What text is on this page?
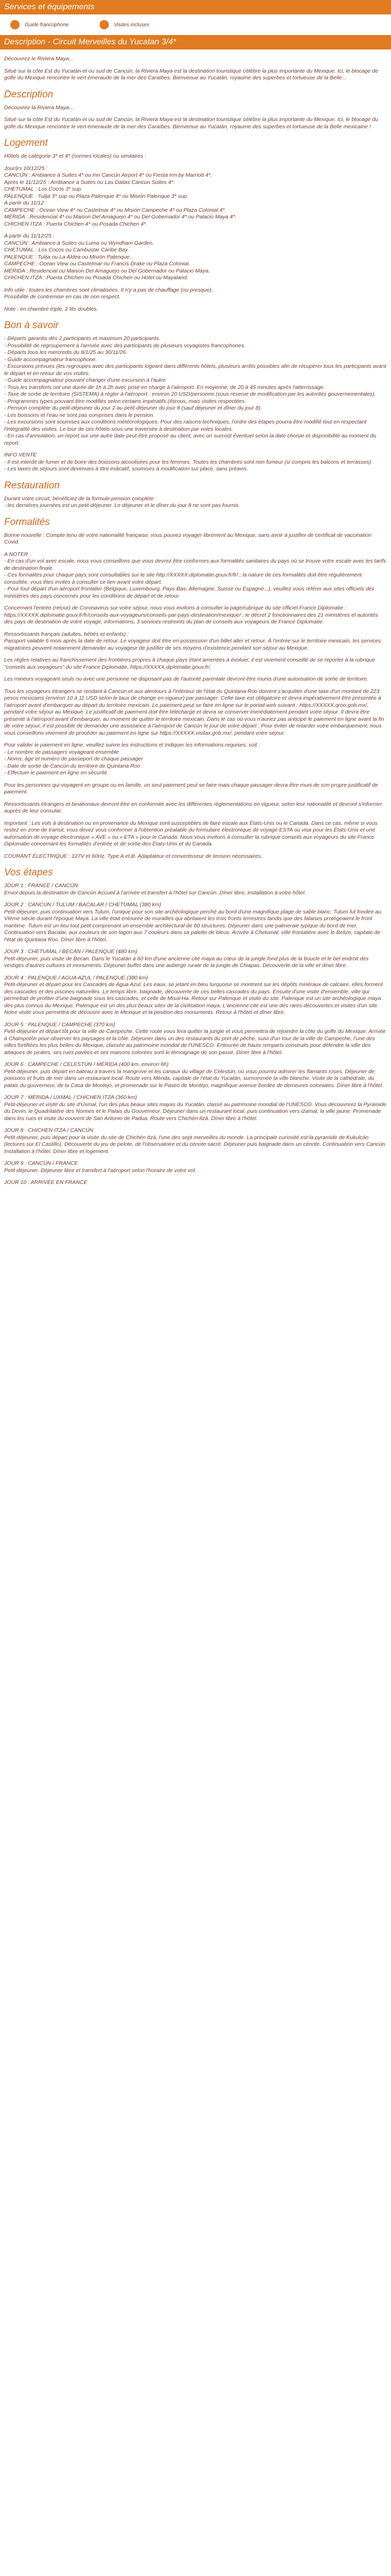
Services et équipements
Guide francophone	Visites incluses
Description - Circuit Merveilles du Yucatan 3/4*

Découvrez le Riviera Maya...

Situé sur la côte Est du Yucatán et ou sud de Cancún, la Riviera Maya est la destination touristique célèbre la plus importante du Mexique. Ici, le blocage de golfe du Mexique rencontre le vert émeraude de la mer des Caraïbes. Bienvenue au Yucatán, royaume des superbes et tortueuse de la Belle...

Description

Découvrez la Riviera Maya...

Situé sur la côte Est du Yucatán et ou sud de Cancún, la Riviera Maya est la destination touristique célèbre la plus importante du Mexique. Ici, le blocage du golfe du Mexique rencontre le vert émeraude de la mer des Caraïbes. Bienvenue au Yucatán, royaume des superbes et tortueuse de la Belle mexicaine !

Logement

Hôtels de catégorie 3* et 4* (normes locales) ou similaires :

Jour/jrs 10/12/25 :
CANCÚN : Ambiance à Suites 4* ou Inn Cancún Airport 4* ou Fiesta Inn by Marriott 4*.
Après le 11/12/25 : Ambiance à Suites ou Las Dalias Cancún Suites 4*.
CHETUMAL : Los Cocos 3* sup.
PALENQUE : Tulija 3* sup ou Plaza Palenque 4* ou Misión Palenque 3* sup.
À partir du 11/12 :
CAMPECHE : Ocean View 4* ou Castelmar 4* ou Misión Campeche 4* ou Plaza Colonial 4*.
MÉRIDA : Residencial 4* ou Maison Del Amaguejo 4* ou Del Gobernador 4* ou Palacio Maya 4*.
CHICHEN ITZA : Puerta Chichen 4* ou Posada Chichen 4*.

À partir du 11/12/25 :
CANCÚN : Ambiance à Suites ou Luma ou Wyndham Garden.
CHETUMAL : Los Cocos ou Cambustar Caribe Bay.
PALENQUE : Tulija ou La Aldea ou Misión Palenque.
CAMPECHE : Ocean View ou Castelmar ou Francis Drake ou Plaza Colonial.
MÉRIDA : Residencial ou Maison Del Amaguejo ou Del Gobernador ou Palacio Maya.
CHICHEN ITZA : Puerta Chichen ou Posada Chichen ou Hotel ou Mayaland.

Info utile : toutes les chambres sont climatisées. Il n'y a pas de chauffage (ou presque).
Possibilité de contremise en cas de non respect.

Note : en chambre triple, 2 lits doubles.

Bon à savoir

- Départs garantis dès 2 participants et maximum 20 participants.
- Possibilité de regroupement à l'arrivée avec des participants de plusieurs voyagistes francophones.
- Départs tous les mercredis du 8/1/25 au 30/11/26.
- Guide accompagnateur francophone.
- Excursions prévues (les regroupes avec des participants logeant dans différents hôtels, plusieurs arrêts possibles afin de récupérer tous les participants avant le départ et en retour de vos visites.
- Guide accompagnateur pouvant changer d'une excursion à l'autre.
- Tous les transferts ont une durée de 1h à 2h avec prise en charge à l'aéroport. En moyenne, de 20 à 45 minutes après l'atterrissage.
- Taxe de sortie de territoire (SISTEMA) à régler à l'aéroport : environ 20 USD/personne (sous réserve de modification par les autorités gouvernementales).
- Programmes types pouvant être modifiés selon certains impératifs (écrous, mais visites respectées.
- Pension complète du petit-déjeuner du jour 2 au petit-déjeuner du jour 8 (sauf déjeuner et dîner du jour 8).
- Les boissons et l'eau ne sont pas comprises dans le pension.
- Les excursions sont soumises aux conditions météorologiques. Pour des raisons techniques, l'ordre des étapes pourra être modifié tout en respectant l'intégralité des visites. Le tour de ces hôtels sous une traversée à destination par voies locales.
- En cas d'annulation, un report sur une autre date peut être proposé au client, avec un surcoût éventuel selon la date choisie et disponibilité au moment du report.

INFO VENTE
- Il est interdit de fumer et de boire des boissons alcoolisées pour les femmes. Toutes les chambres sont non fumeur (si compris les balcons et terrasses).
- Les taxes de séjours sont devenues à titre indicatif, soumises à modification sur place, sans préavis.

Restauration

Durant votre circuit, bénéficiez de la formule pension complète :
- les dernières journées est un petit-déjeuner. Le déjeuner et le dîner du jour 8 ne sont pas fournis.

Formalités

Bonne nouvelle : Compte tenu de votre nationalité française, vous pouvez voyager librement au Mexique, sans avoir à justifier de certificat de vaccination Covid.

A NOTER
- En cas d'un vol avec escale, nous vous conseillons que vous devrez être conformes aux formalités sanitaires du pays où se trouve votre escale avec les tarifs de destination finale.
- Ces formalités pour chaque pays sont consultables sur le site http://XXXXX.diplomatie.gouv.fr/fr/ ; la nature de ces formalités doit être régulièrement consultée, vous êtes invités à consulter ce lien avant votre départ.
- Pour tout départ d'un aéroport frontalier (Belgique, Luxembourg, Pays-Bas, Allemagne, Suisse ou Espagne...), veuillez vous référer aux sites officiels des ministères des pays concernés pour les conditions de départ et de retour.

Concernant l'entrée (retour) de Coronavirus sur votre séjour, nous vous invitons à consulter la page/rubrique du site officiel France Diplomatie : https://XXXXX.diplomatie.gouv.fr/fr/conseils-aux-voyageurs/conseils-par-pays-destination/mexique/ ; le décret 2 fonctionnaires des 21 ministères et autorités des pays de destination de votre voyage, informations, 3 services restreints du plan de conseils aux voyageurs de France Diplomatie.

Ressortissants français (adultes, bébés et enfants) :
Passport valable 6 mois après la date de retour. Le voyageur doit être en possession d'un billet aller et retour. À l'entrée sur le territoire mexicain, les services migratoires peuvent notamment demander au voyageur de justifier de ses moyens d'existence pendant son séjour au Mexique.

Les règles relatives au franchissement des frontières propres à chaque pays étant amenées à évoluer, il est vivement conseillé de se reporter à la rubrique "conseils aux voyageurs" du site France Diplomatie, https://XXXXX.diplomatie.gouv.fr/.

Les mineurs voyageant seuls ou avec une personne ne disposant pas de l'autorité parentale devront être munis d'une autorisation de sortie de territoire.

Tous les voyageurs étrangers se rendant à Cancún et aux alentours à l'intérieur de l'état du Quintana Roo doivent s'acquitter d'une taxe d'un montant de 223 pesos mexicains (environ 10 à 11 USD selon le taux de change en vigueur) par passager. Cette taxe est obligatoire et devra impérativement être présentée à l'aéroport avant d'embarquer au départ du territoire mexicain. Le paiement peut se faire en ligne sur le portail web suivant : https://XXXXX.qroo.gob.mx/, pendant votre séjour au Mexique. Le justificatif de paiement doit être téléchargé et devra se conserver immédiatement pendant votre séjour. Il devra être présenté à l'aéroport avant d'embarquer, au moment de quitter le territoire mexicain. Dans le cas où vous n'auriez pas anticipé le paiement en ligne avant la fin de votre séjour, il est possible de demander une assistance à l'aéroport de Cancún le jour de votre départ : Pour éviter de retarder votre embarquement, nous vous conseillons vivement de procéder au paiement en ligne sur https://XXXXX.visitax.gob.mx/, pendant votre séjour.

Pour valider le paiement en ligne, veuillez suivre les instructions et indiquer les informations requises, soit :
- Le nombre de passagers voyageant ensemble
- Noms, âge et numéro de passeport de chaque passager
- Date de sortie de Cancún du territoire de Quintana Roo
- Effectuer le paiement en ligne en sécurité

Pour les personnes qui voyagent en groupe ou en famille, un seul paiement peut se faire mais chaque passager devra être muni de son propre justificatif de paiement.

Ressortissants étrangers et binationaux devront être en conformité avec les différentes réglementations en vigueur, selon leur nationalité et devront s'informer auprès de leur consulat.

Important : Les vols à destination ou en provenance du Mexique sont susceptibles de faire escale aux États-Unis ou le Canada. Dans ce cas, même si vous restez en zone de transit, vous devez vous conformer à l'obtention préalable du formulaire électronique de voyage ESTA ou visa pour les États-Unis et une autorisation de voyage électronique « AVE » ou « ETA » pour le Canada. Nous vous invitons à consulter la rubrique conseils aux voyageurs du site France Diplomatie concernant les formalités d'entrée et de sortie des États-Unis et du Canada.

COURANT ÉLECTRIQUE : 127V et 60Hz. Type A et B. Adaptateur et convertisseur de tension nécessaires.

Vos étapes

JOUR 1 : FRANCE / CANCÚN
Envol depuis la destination de Cancún Accueil à l'arrivée et transfert à l'hôtel sur Cancún. Dîner libre, installation à votre hôtel.

JOUR 2 : CANCÚN / TULUM / BACALAR / CHETUMAL (380 km)
Petit-déjeuner, puis continuation vers Tulum, l'unique pour son site archéologique perché au bord d'une magnifique plage de sable blanc. Tulum fut fondée au VIème siècle durant l'époque Maya. La ville était entourée de murailles qui abritaient les trois fronts terrestres tandis que des falaises protégeaient le front maritime. Tulum est un lieu tout petit comprenant un ensemble architectural de 60 structures. Déjeuner dans une palmeraie typique du bord de mer. Continuation vers Bacalar, aux couleurs de son lagon aux 7 couleurs dans sa palette de bleus. Arrivée à Chetumal, ville frontalière avec le Belize, capitale de l'état de Quintana Roo. Dîner libre à l'hôtel.

JOUR 3 : CHETUMAL / BECAN / PALENQUE (480 km)
Petit-déjeuner, puis visite de Becan. Dans le Yucatán à 60 km d'une ancienne cité maya au cœur de la jungle fond plus de la boucle et le bel endroit des vestiges d'autres cultures et monuments. Déjeuner buffet dans une auberge rurale de la jungle de Chiapas. Découverte de la ville et diner libre.

JOUR 4 : PALENQUE / AGUA AZUL / PALENQUE (380 km)
Petit-déjeuner et départ pour les Cascades de Agua Azul. Les eaux, se jetant en bleu turquoise se montrent sur les dépôts minéraux de calcaire, elles forment des cascades et des piscines naturelles. Le temps libre, baignade, découverte de ces belles cascades du pays. Ensuite d'une visite d'ensemble, ville qui permettait de profiter d'une baignade sous les cascades, et celle de Misol Ha. Retour sur Palenque et visite du site. Palenque est un site archéologique maya des plus connus du Mexique, Palenque est un des plus beaux sites de la civilisation maya. L'ancienne cité est une des rares découvertes et visites d'un site. Notre visite vous permettra de découvrir avec le Mexique et la position des monuments. Retour à l'hôtel et dîner libre.

JOUR 5 : PALENQUE / CAMPECHE (370 km)
Petit-déjeuner et départ tôt pour la ville de Campeche. Cette route vous fera quitter la jungle et vous permettra de rejoindre la côte du golfe du Mexique. Arrivée à Champotón pour observer les paysages et la côte. Déjeuner dans un des restaurants du port de pêche, suivi d'un tour de la ville de Campeche, l'une des villes fortifiées les plus belles du Mexique, classée au patrimoine mondial de l'UNESCO. Entourée de hauts remparts construits pour défendre la ville des attaques de pirates, ses rues pavées et ses maisons colorées sont le témoignage de son passé. Dîner libre à l'hôtel.

JOUR 6 : CAMPECHE / CELESTÚN / MÉRIDA (400 km, environ 6h)
Petit-déjeuner, puis départ en bateau à travers la mangrove et les canaux du village de Celestún, où vous pourrez admirer les flamants roses. Déjeuner de poissons et fruits de mer dans un restaurant local. Route vers Mérida, capitale de l'état du Yucatán, surnommée la ville blanche. Visite de la cathédrale, du palais du gouverneur, de la Casa de Montejo, et promenade sur le Paseo de Montejo, magnifique avenue bordée de demeures coloniales. Dîner libre à l'hôtel.

JOUR 7 : MÉRIDA / UXMAL / CHICHEN ITZA (360 km)
Petit-déjeuner et visite du site d'Uxmal, l'un des plus beaux sites mayas du Yucatán, classé au patrimoine mondial de l'UNESCO. Vous découvrirez la Pyramide du Devin, le Quadrilatère des Nonnes et le Palais du Gouverneur. Déjeuner dans un restaurant local, puis continuation vers Izamal, la ville jaune. Promenade dans les rues et visite du couvent de San Antonio de Padua. Route vers Chichén Itzá. Dîner libre à l'hôtel.

JOUR 8 : CHICHEN ITZA / CANCÚN
Petit-déjeuner, puis départ pour la visite du site de Chichén Itzá, l'une des sept merveilles du monde. La principale curiosité est la pyramide de Kukulcán (lectures sur El Castillo). Découverte du jeu de pelote, de l'observatoire et du cénote sacré. Déjeuner puis baignade dans un cénote. Continuation vers Cancún. Installation à l'hôtel. Dîner libre et logement.

JOUR 9 : CANCÚN / FRANCE
Petit-déjeuner. Déjeuner libre et transfert à l'aéroport selon l'horaire de votre vol.

JOUR 10 : ARRIVÉE EN FRANCE
